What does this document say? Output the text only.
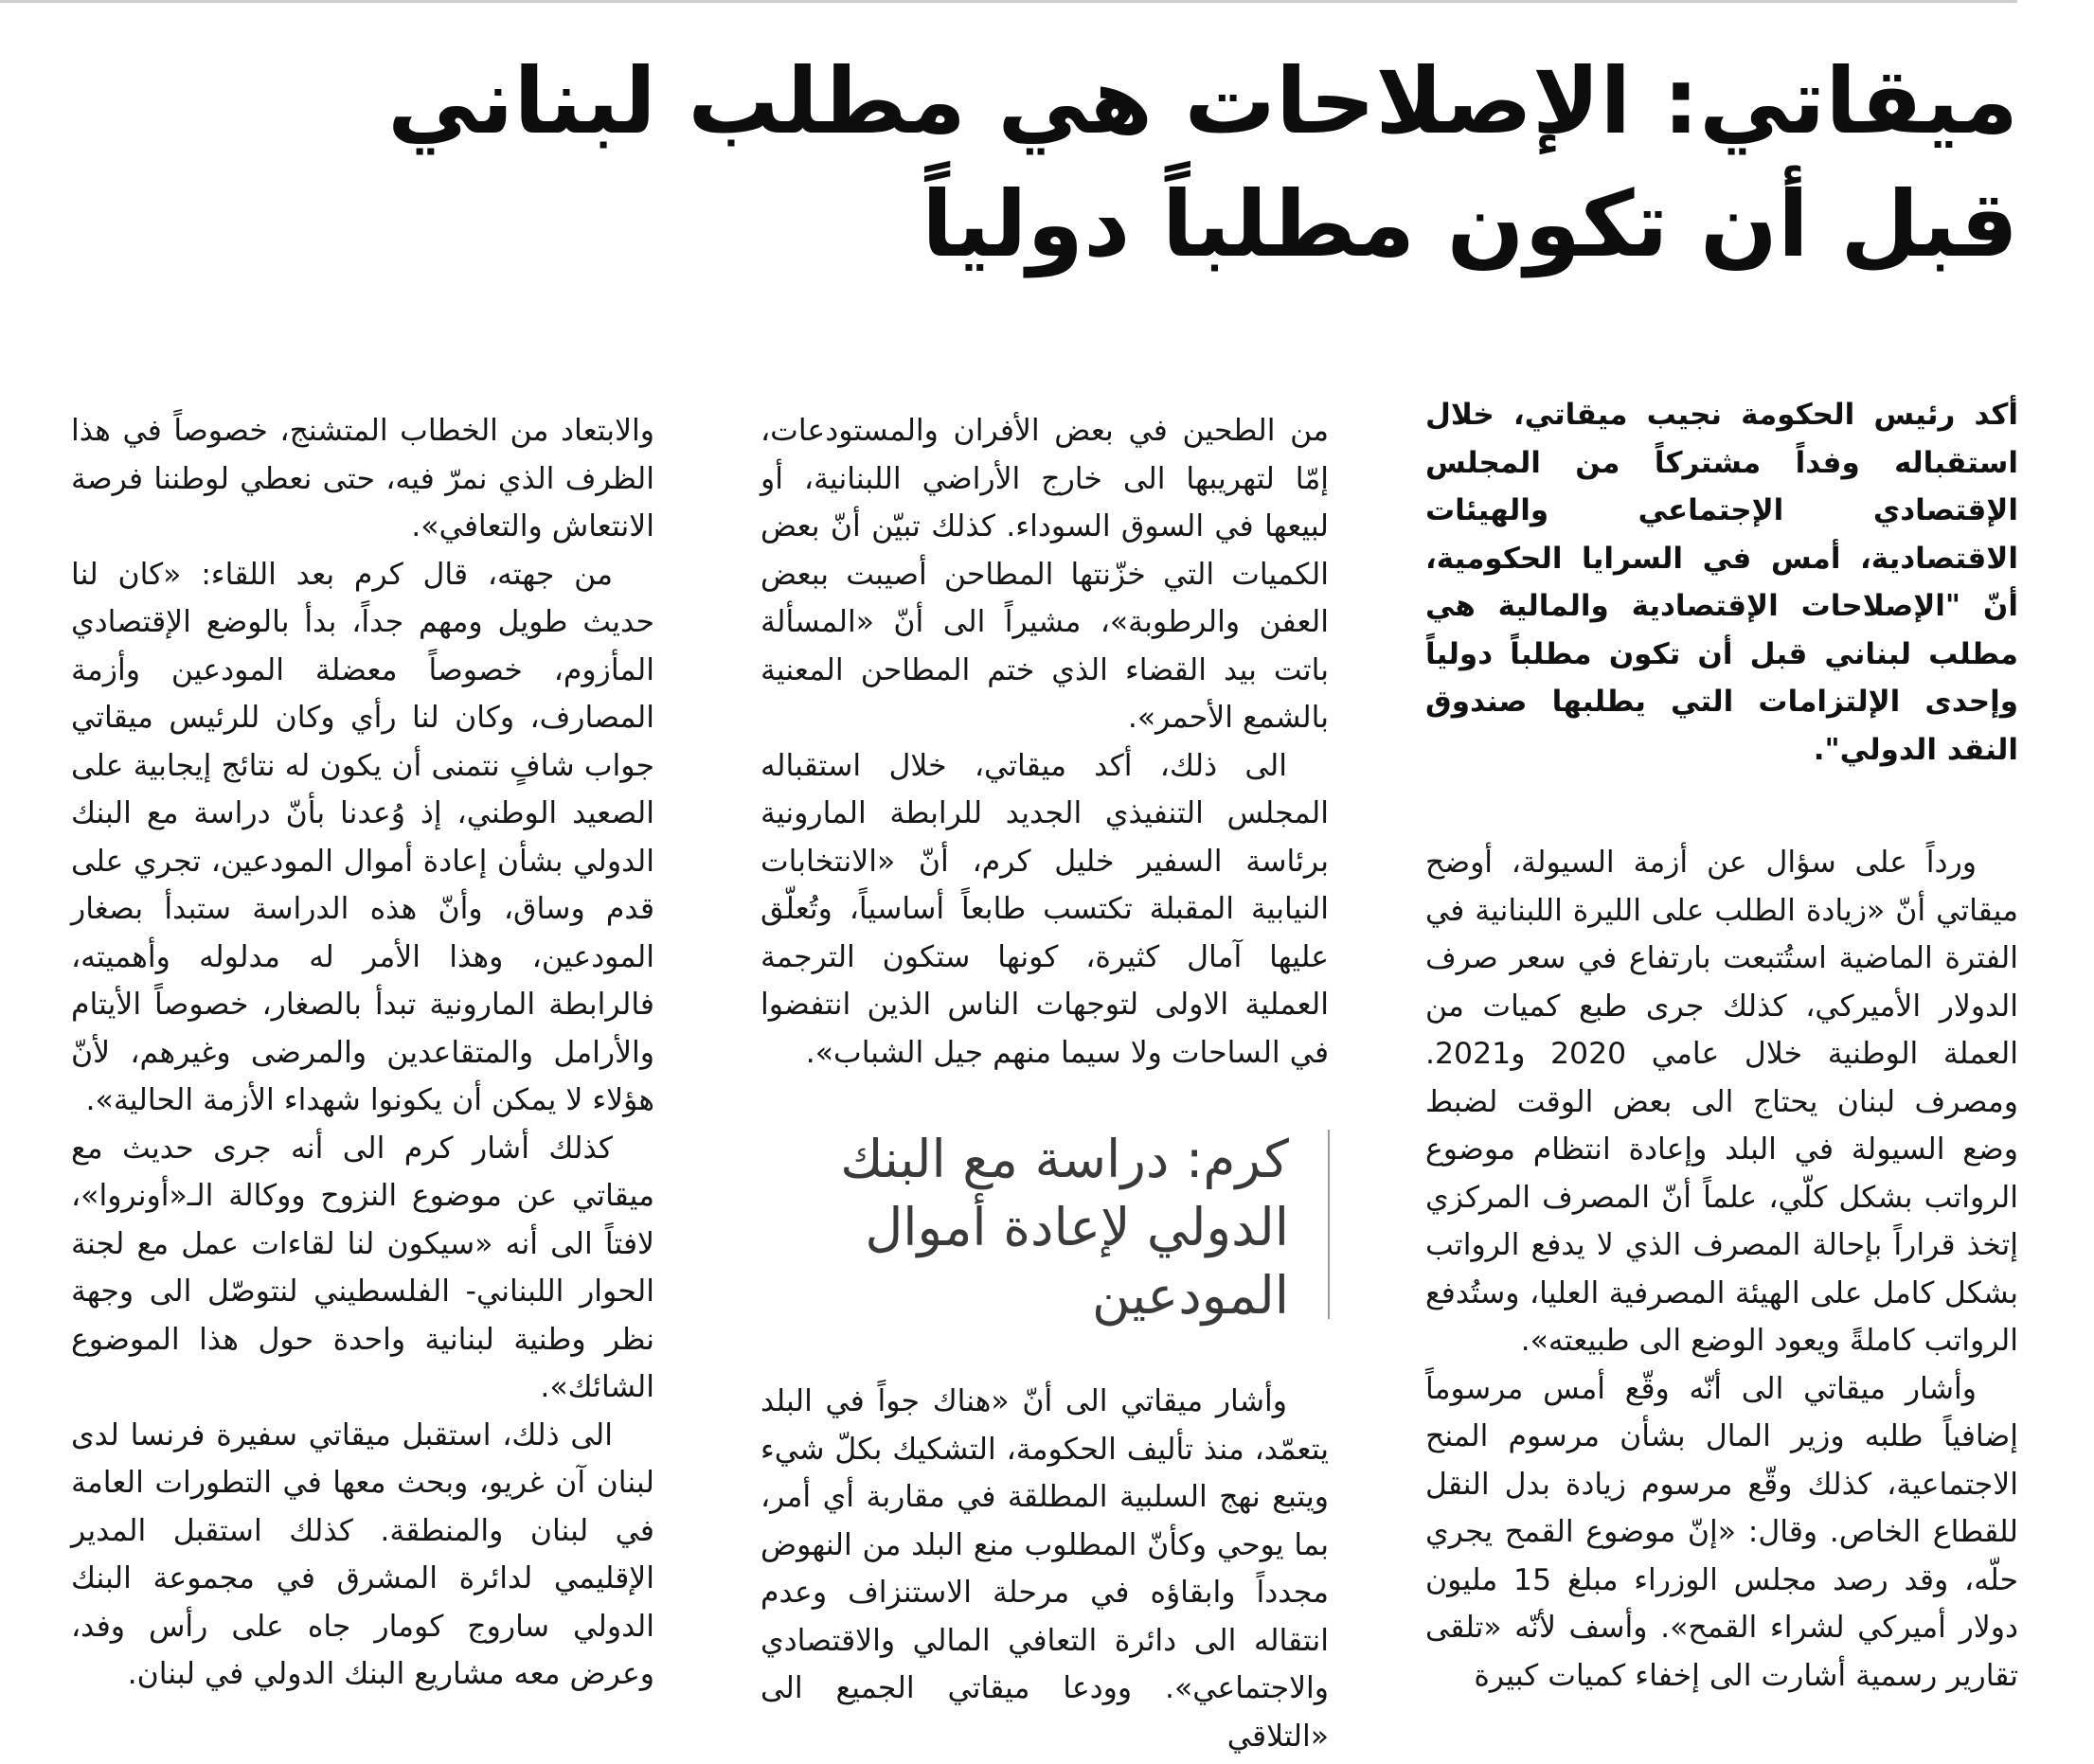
ميقاتي: الإصلاحات هي مطلب لبناني
قبل أن تكون مطلباً دولياً

أكد رئيس الحكومة نجيب ميقاتي، خلال استقباله وفداً مشتركاً من المجلس الإقتصادي الإجتماعي والهيئات الاقتصادية، أمس في السرايا الحكومية، أنّ "الإصلاحات الإقتصادية والمالية هي مطلب لبناني قبل أن تكون مطلباً دولياً وإحدى الإلتزامات التي يطلبها صندوق النقد الدولي".

ورداً على سؤال عن أزمة السيولة، أوضح ميقاتي أنّ «زيادة الطلب على الليرة اللبنانية في الفترة الماضية استُتبعت بارتفاع في سعر صرف الدولار الأميركي، كذلك جرى طبع كميات من العملة الوطنية خلال عامي 2020 و2021. ومصرف لبنان يحتاج الى بعض الوقت لضبط وضع السيولة في البلد وإعادة انتظام موضوع الرواتب بشكل كلّي، علماً أنّ المصرف المركزي إتخذ قراراً بإحالة المصرف الذي لا يدفع الرواتب بشكل كامل على الهيئة المصرفية العليا، وستُدفع الرواتب كاملةً ويعود الوضع الى طبيعته».

وأشار ميقاتي الى أنّه وقّع أمس مرسوماً إضافياً طلبه وزير المال بشأن مرسوم المنح الاجتماعية، كذلك وقّع مرسوم زيادة بدل النقل للقطاع الخاص. وقال: «إنّ موضوع القمح يجري حلّه، وقد رصد مجلس الوزراء مبلغ 15 مليون دولار أميركي لشراء القمح». وأسف لأنّه «تلقى تقارير رسمية أشارت الى إخفاء كميات كبيرة

من الطحين في بعض الأفران والمستودعات، إمّا لتهريبها الى خارج الأراضي اللبنانية، أو لبيعها في السوق السوداء. كذلك تبيّن أنّ بعض الكميات التي خزّنتها المطاحن أصيبت ببعض العفن والرطوبة»، مشيراً الى أنّ «المسألة باتت بيد القضاء الذي ختم المطاحن المعنية بالشمع الأحمر».

الى ذلك، أكد ميقاتي، خلال استقباله المجلس التنفيذي الجديد للرابطة المارونية برئاسة السفير خليل كرم، أنّ «الانتخابات النيابية المقبلة تكتسب طابعاً أساسياً، وتُعلّق عليها آمال كثيرة، كونها ستكون الترجمة العملية الاولى لتوجهات الناس الذين انتفضوا في الساحات ولا سيما منهم جيل الشباب».

كرم: دراسة مع البنك الدولي لإعادة أموال المودعين

وأشار ميقاتي الى أنّ «هناك جواً في البلد يتعمّد، منذ تأليف الحكومة، التشكيك بكلّ شيء ويتبع نهج السلبية المطلقة في مقاربة أي أمر، بما يوحي وكأنّ المطلوب منع البلد من النهوض مجدداً وابقاؤه في مرحلة الاستنزاف وعدم انتقاله الى دائرة التعافي المالي والاقتصادي والاجتماعي». وودعا ميقاتي الجميع الى «التلاقي

والابتعاد من الخطاب المتشنج، خصوصاً في هذا الظرف الذي نمرّ فيه، حتى نعطي لوطننا فرصة الانتعاش والتعافي».

من جهته، قال كرم بعد اللقاء: «كان لنا حديث طويل ومهم جداً، بدأ بالوضع الإقتصادي المأزوم، خصوصاً معضلة المودعين وأزمة المصارف، وكان لنا رأي وكان للرئيس ميقاتي جواب شافٍ نتمنى أن يكون له نتائج إيجابية على الصعيد الوطني، إذ وُعدنا بأنّ دراسة مع البنك الدولي بشأن إعادة أموال المودعين، تجري على قدم وساق، وأنّ هذه الدراسة ستبدأ بصغار المودعين، وهذا الأمر له مدلوله وأهميته، فالرابطة المارونية تبدأ بالصغار، خصوصاً الأيتام والأرامل والمتقاعدين والمرضى وغيرهم، لأنّ هؤلاء لا يمكن أن يكونوا شهداء الأزمة الحالية».

كذلك أشار كرم الى أنه جرى حديث مع ميقاتي عن موضوع النزوح ووكالة الـ«أونروا»، لافتاً الى أنه «سيكون لنا لقاءات عمل مع لجنة الحوار اللبناني- الفلسطيني لنتوصّل الى وجهة نظر وطنية لبنانية واحدة حول هذا الموضوع الشائك».

الى ذلك، استقبل ميقاتي سفيرة فرنسا لدى لبنان آن غريو، وبحث معها في التطورات العامة في لبنان والمنطقة. كذلك استقبل المدير الإقليمي لدائرة المشرق في مجموعة البنك الدولي ساروج كومار جاه على رأس وفد، وعرض معه مشاريع البنك الدولي في لبنان.
